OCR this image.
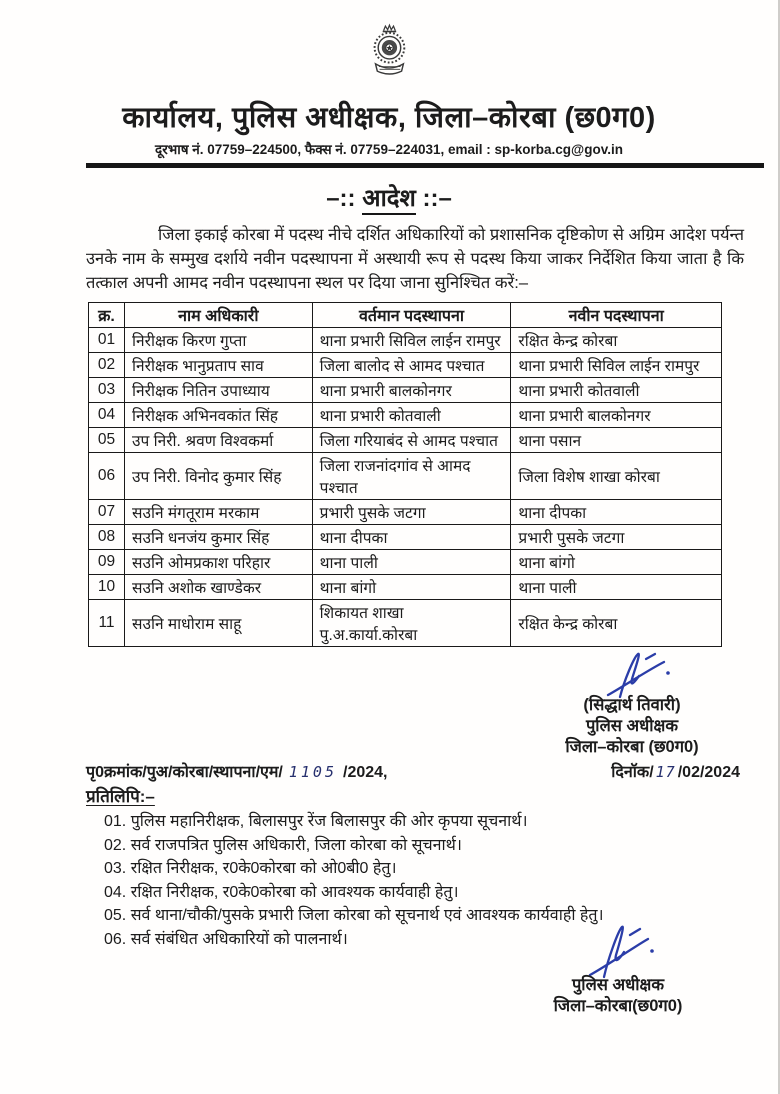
कार्यालय, पुलिस अधीक्षक, जिला–कोरबा (छ0ग0)
दूरभाष नं. 07759–224500, फैक्स नं. 07759–224031, email : sp-korba.cg@gov.in
–:: आदेश ::–

जिला इकाई कोरबा में पदस्थ नीचे दर्शित अधिकारियों को प्रशासनिक दृष्टिकोण से अग्रिम आदेश पर्यन्त उनके नाम के सम्मुख दर्शाये नवीन पदस्थापना में अस्थायी रूप से पदस्थ किया जाकर निर्देशित किया जाता है कि तत्काल अपनी आमद नवीन पदस्थापना स्थल पर दिया जाना सुनिश्चित करें:–

क्र.	नाम अधिकारी	वर्तमान पदस्थापना	नवीन पदस्थापना
01	निरीक्षक किरण गुप्ता	थाना प्रभारी सिविल लाईन रामपुर	रक्षित केन्द्र कोरबा
02	निरीक्षक भानुप्रताप साव	जिला बालोद से आमद पश्चात	थाना प्रभारी सिविल लाईन रामपुर
03	निरीक्षक नितिन उपाध्याय	थाना प्रभारी बालकोनगर	थाना प्रभारी कोतवाली
04	निरीक्षक अभिनवकांत सिंह	थाना प्रभारी कोतवाली	थाना प्रभारी बालकोनगर
05	उप निरी. श्रवण विश्वकर्मा	जिला गरियाबंद से आमद पश्चात	थाना पसान
06	उप निरी. विनोद कुमार सिंह	जिला राजनांदगांव से आमद पश्चात	जिला विशेष शाखा कोरबा
07	सउनि मंगतूराम मरकाम	प्रभारी पुसके जटगा	थाना दीपका
08	सउनि धनजंय कुमार सिंह	थाना दीपका	प्रभारी पुसके जटगा
09	सउनि ओमप्रकाश परिहार	थाना पाली	थाना बांगो
10	सउनि अशोक खाण्डेकर	थाना बांगो	थाना पाली
11	सउनि माधोराम साहू	शिकायत शाखा पु.अ.कार्या.कोरबा	रक्षित केन्द्र कोरबा
(सिद्धार्थ तिवारी)
पुलिस अधीक्षक
जिला–कोरबा (छ0ग0)
पृ0क्रमांक/पुअ/कोरबा/स्थापना/एम/ 1105 /2024,	दिनॉक/ 17 /02/2024
प्रतिलिपि:–
01. पुलिस महानिरीक्षक, बिलासपुर रेंज बिलासपुर की ओर कृपया सूचनार्थ।
02. सर्व राजपत्रित पुलिस अधिकारी, जिला कोरबा को सूचनार्थ।
03. रक्षित निरीक्षक, र0के0कोरबा को ओ0बी0 हेतु।
04. रक्षित निरीक्षक, र0के0कोरबा को आवश्यक कार्यवाही हेतु।
05. सर्व थाना/चौकी/पुसके प्रभारी जिला कोरबा को सूचनार्थ एवं आवश्यक कार्यवाही हेतु।
06. सर्व संबंधित अधिकारियों को पालनार्थ।
पुलिस अधीक्षक
जिला–कोरबा(छ0ग0)
